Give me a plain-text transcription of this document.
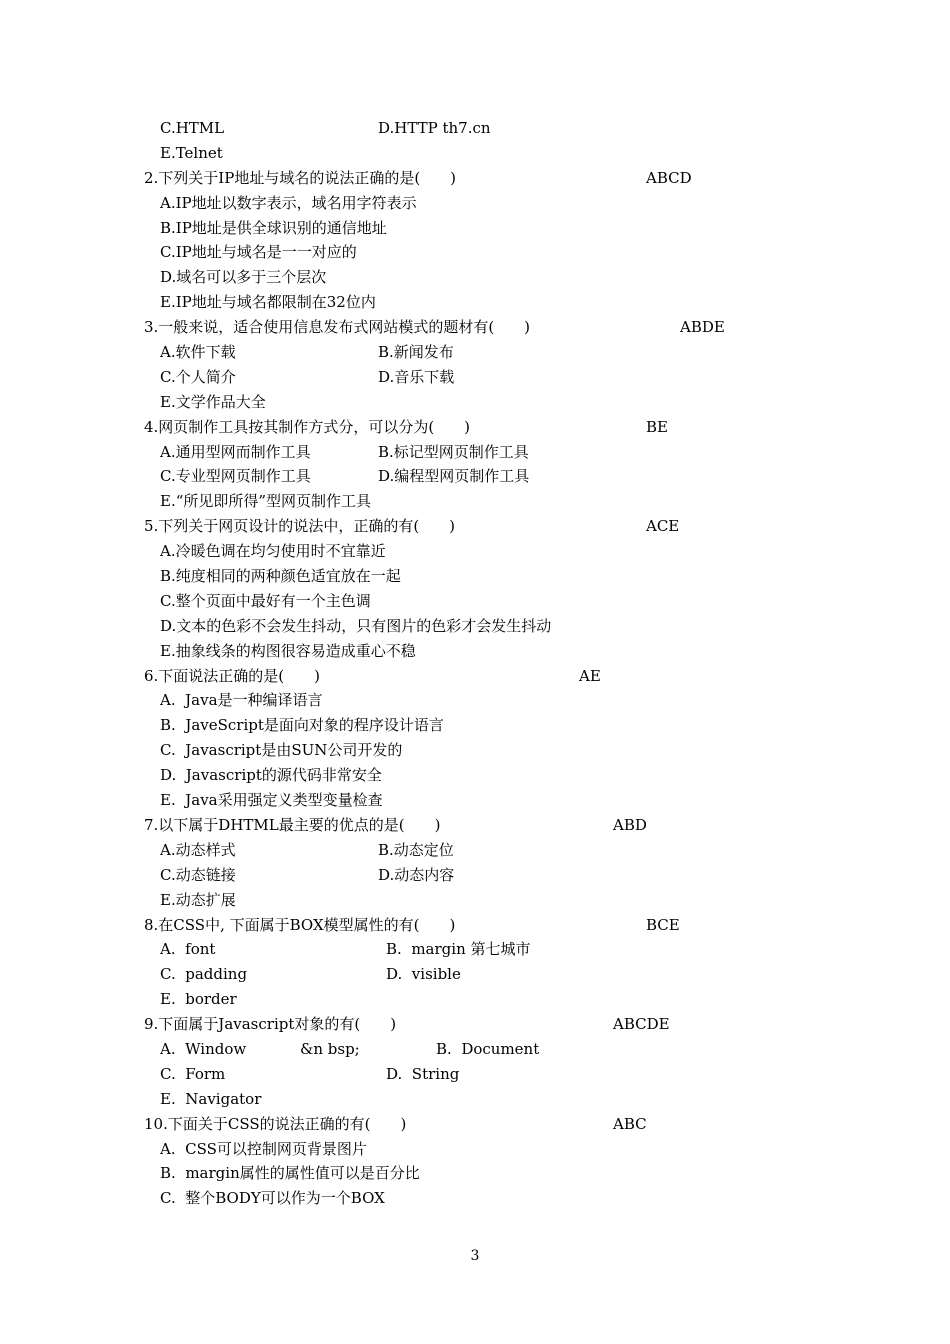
C.HTML	D.HTTP th7.cn
E.Telnet
2.下列关于IP地址与域名的说法正确的是(　　)	ABCD
A.IP地址以数字表示，域名用字符表示
B.IP地址是供全球识别的通信地址
C.IP地址与域名是一一对应的
D.域名可以多于三个层次
E.IP地址与域名都限制在32位内
3.一般来说，适合使用信息发布式网站模式的题材有(　　)	ABDE
A.软件下载	B.新闻发布
C.个人简介	D.音乐下载
E.文学作品大全
4.网页制作工具按其制作方式分，可以分为(　　)	BE
A.通用型网而制作工具	B.标记型网页制作工具
C.专业型网页制作工具	D.编程型网页制作工具
E.“所见即所得”型网页制作工具
5.下列关于网页设计的说法中，正确的有(　　)	ACE
A.冷暖色调在均匀使用时不宜靠近
B.纯度相同的两种颜色适宜放在一起
C.整个页面中最好有一个主色调
D.文本的色彩不会发生抖动，只有图片的色彩才会发生抖动
E.抽象线条的构图很容易造成重心不稳
6.下面说法正确的是(　　)	AE
A.  Java是一种编译语言
B.  JaveScript是面向对象的程序设计语言
C.  Javascript是由SUN公司开发的
D.  Javascript的源代码非常安全
E.  Java采用强定义类型变量检查
7.以下属于DHTML最主要的优点的是(　　)	ABD
A.动态样式	B.动态定位
C.动态链接	D.动态内容
E.动态扩展
8.在CSS中, 下面属于BOX模型属性的有(　　)	BCE
A.  font	B.  margin 第七城市
C.  padding	D.  visible
E.  border
9.下面属于Javascript对象的有(　　)	ABCDE
A.  Window	&n bsp;	B.  Document
C.  Form	D.  String
E.  Navigator
10.下面关于CSS的说法正确的有(　　)	ABC
A.  CSS可以控制网页背景图片
B.  margin属性的属性值可以是百分比
C.  整个BODY可以作为一个BOX
3
